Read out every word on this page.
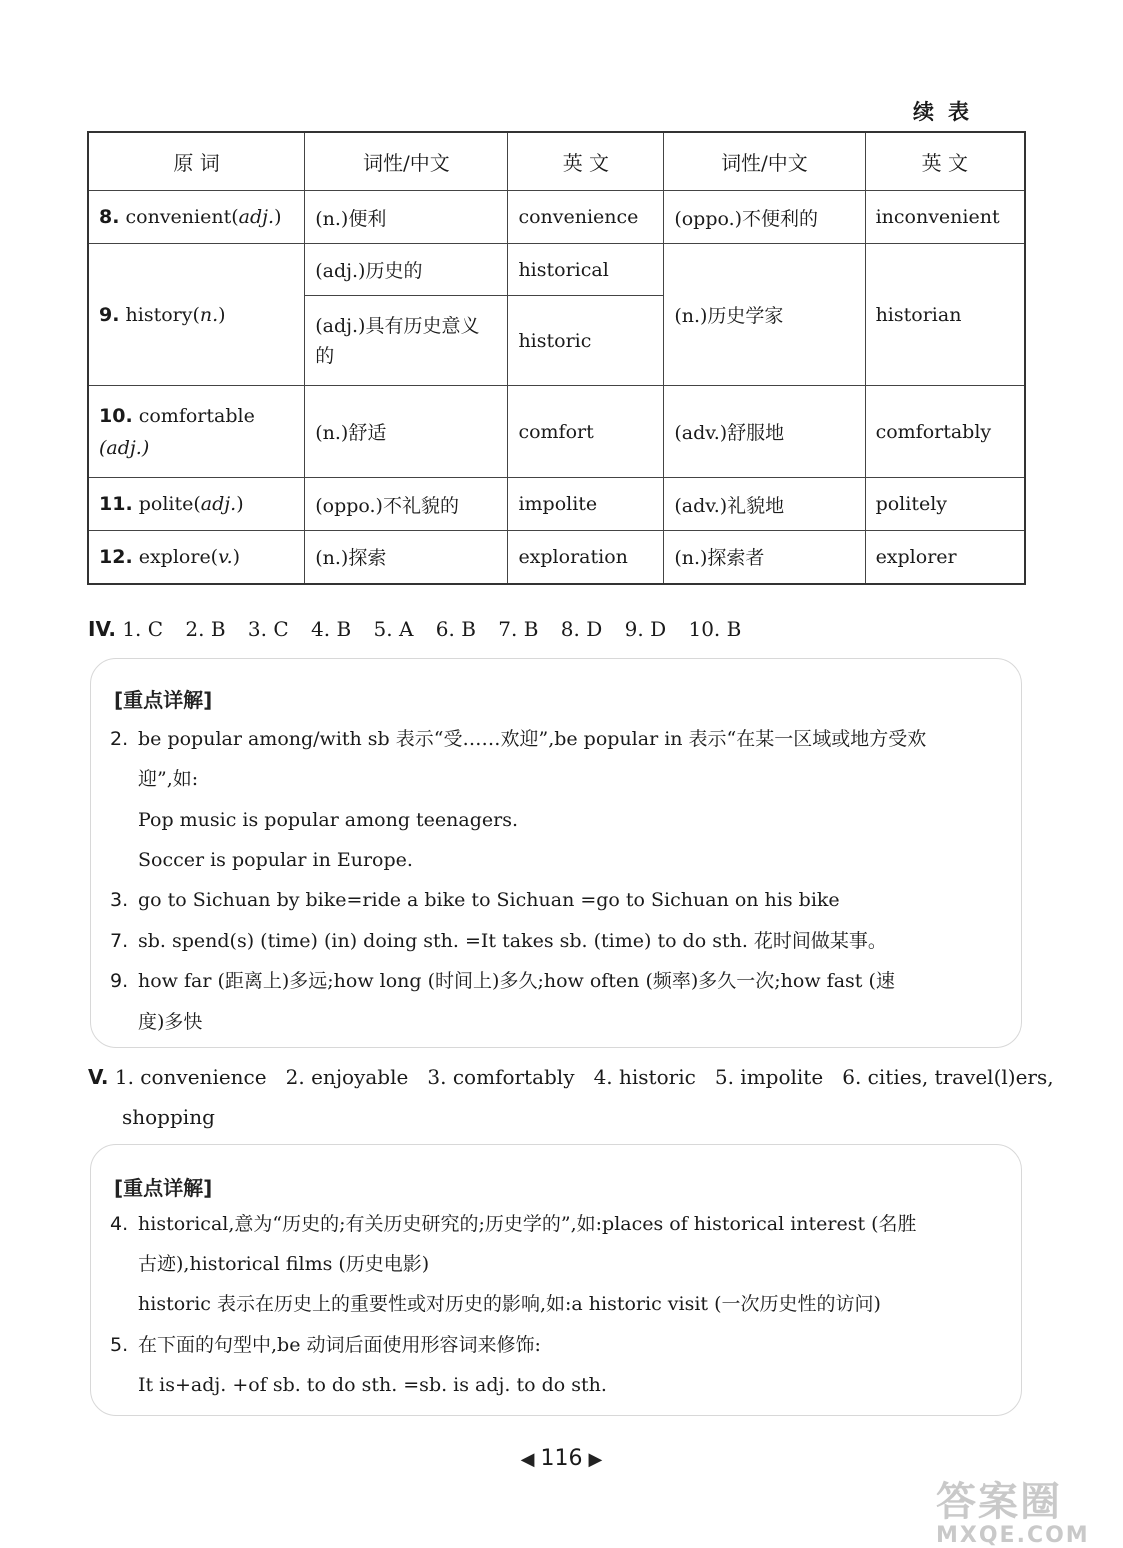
续表
原 词	词性/中文	英 文	词性/中文	英 文
8. convenient(adj.)	(n.)便利	convenience	(oppo.)不便利的	inconvenient
9. history(n.)	(adj.)历史的	historical	(n.)历史学家	historian
	(adj.)具有历史意义的	historic		
10. comfortable
(adj.)	(n.)舒适	comfort	(adv.)舒服地	comfortably
11. polite(adj.)	(oppo.)不礼貌的	impolite	(adv.)礼貌地	politely
12. explore(v.)	(n.)探索	exploration	(n.)探索者	explorer
IV. 1. C 2. B 3. C 4. B 5. A 6. B 7. B 8. D 9. D 10. B
[重点详解]
2. be popular among/with sb 表示“受……欢迎”,be popular in 表示“在某一区域或地方受欢
迎”,如:
Pop music is popular among teenagers.
Soccer is popular in Europe.
3. go to Sichuan by bike=ride a bike to Sichuan =go to Sichuan on his bike
7. sb. spend(s) (time) (in) doing sth. =It takes sb. (time) to do sth. 花时间做某事。
9. how far (距离上)多远;how long (时间上)多久;how often (频率)多久一次;how fast (速
度)多快
V. 1. convenience   2. enjoyable   3. comfortably   4. historic   5. impolite   6. cities, travel(l)ers,
shopping
[重点详解]
4. historical,意为“历史的;有关历史研究的;历史学的”,如:places of historical interest (名胜
古迹),historical films (历史电影)
historic 表示在历史上的重要性或对历史的影响,如:a historic visit (一次历史性的访问)
5. 在下面的句型中,be 动词后面使用形容词来修饰:
It is+adj. +of sb. to do sth. =sb. is adj. to do sth.
◀ 116 ▶
答案圈
MXQE.COM
